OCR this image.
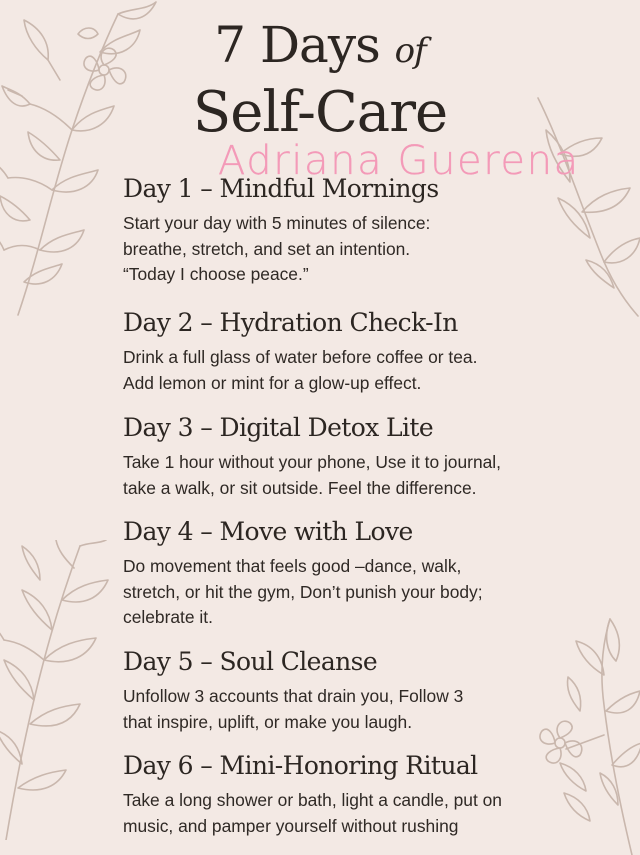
7 Days of
Self-Care
Adriana Guerena
Day 1 – Mindful Mornings
Start your day with 5 minutes of silence:
breathe, stretch, and set an intention.
“Today I choose peace.”
Day 2 – Hydration Check-In
Drink a full glass of water before coffee or tea.
Add lemon or mint for a glow-up effect.
Day 3 – Digital Detox Lite
Take 1 hour without your phone, Use it to journal,
take a walk, or sit outside. Feel the difference.
Day 4 – Move with Love
Do movement that feels good –dance, walk,
stretch, or hit the gym, Don’t punish your body;
celebrate it.
Day 5 – Soul Cleanse
Unfollow 3 accounts that drain you, Follow 3
that inspire, uplift, or make you laugh.
Day 6 – Mini-Honoring Ritual
Take a long shower or bath, light a candle, put on
music, and pamper yourself without rushing
